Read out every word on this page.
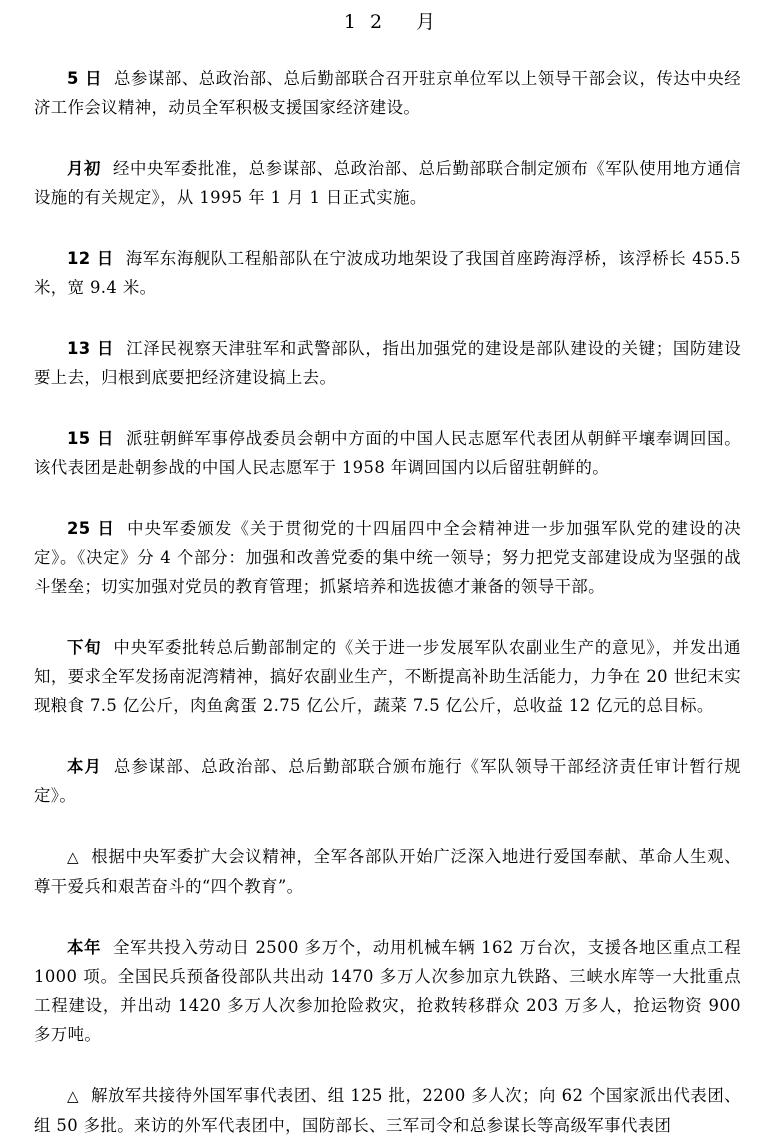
12 月

5 日 总参谋部、总政治部、总后勤部联合召开驻京单位军以上领导干部会议，传达中央经济工作会议精神，动员全军积极支援国家经济建设。

月初 经中央军委批准，总参谋部、总政治部、总后勤部联合制定颁布《军队使用地方通信设施的有关规定》，从 1995 年 1 月 1 日正式实施。

12 日 海军东海舰队工程船部队在宁波成功地架设了我国首座跨海浮桥，该浮桥长 455.5 米，宽 9.4 米。

13 日 江泽民视察天津驻军和武警部队，指出加强党的建设是部队建设的关键；国防建设要上去，归根到底要把经济建设搞上去。

15 日 派驻朝鲜军事停战委员会朝中方面的中国人民志愿军代表团从朝鲜平壤奉调回国。该代表团是赴朝参战的中国人民志愿军于 1958 年调回国内以后留驻朝鲜的。

25 日 中央军委颁发《关于贯彻党的十四届四中全会精神进一步加强军队党的建设的决定》。《决定》分 4 个部分：加强和改善党委的集中统一领导；努力把党支部建设成为坚强的战斗堡垒；切实加强对党员的教育管理；抓紧培养和选拔德才兼备的领导干部。

下旬 中央军委批转总后勤部制定的《关于进一步发展军队农副业生产的意见》，并发出通知，要求全军发扬南泥湾精神，搞好农副业生产，不断提高补助生活能力，力争在 20 世纪末实现粮食 7.5 亿公斤，肉鱼禽蛋 2.75 亿公斤，蔬菜 7.5 亿公斤，总收益 12 亿元的总目标。

本月 总参谋部、总政治部、总后勤部联合颁布施行《军队领导干部经济责任审计暂行规定》。

△ 根据中央军委扩大会议精神，全军各部队开始广泛深入地进行爱国奉献、革命人生观、尊干爱兵和艰苦奋斗的“四个教育”。

本年 全军共投入劳动日 2500 多万个，动用机械车辆 162 万台次，支援各地区重点工程 1000 项。全国民兵预备役部队共出动 1470 多万人次参加京九铁路、三峡水库等一大批重点工程建设，并出动 1420 多万人次参加抢险救灾，抢救转移群众 203 万多人，抢运物资 900 多万吨。

△ 解放军共接待外国军事代表团、组 125 批，2200 多人次；向 62 个国家派出代表团、组 50 多批。来访的外军代表团中，国防部长、三军司令和总参谋长等高级军事代表团
